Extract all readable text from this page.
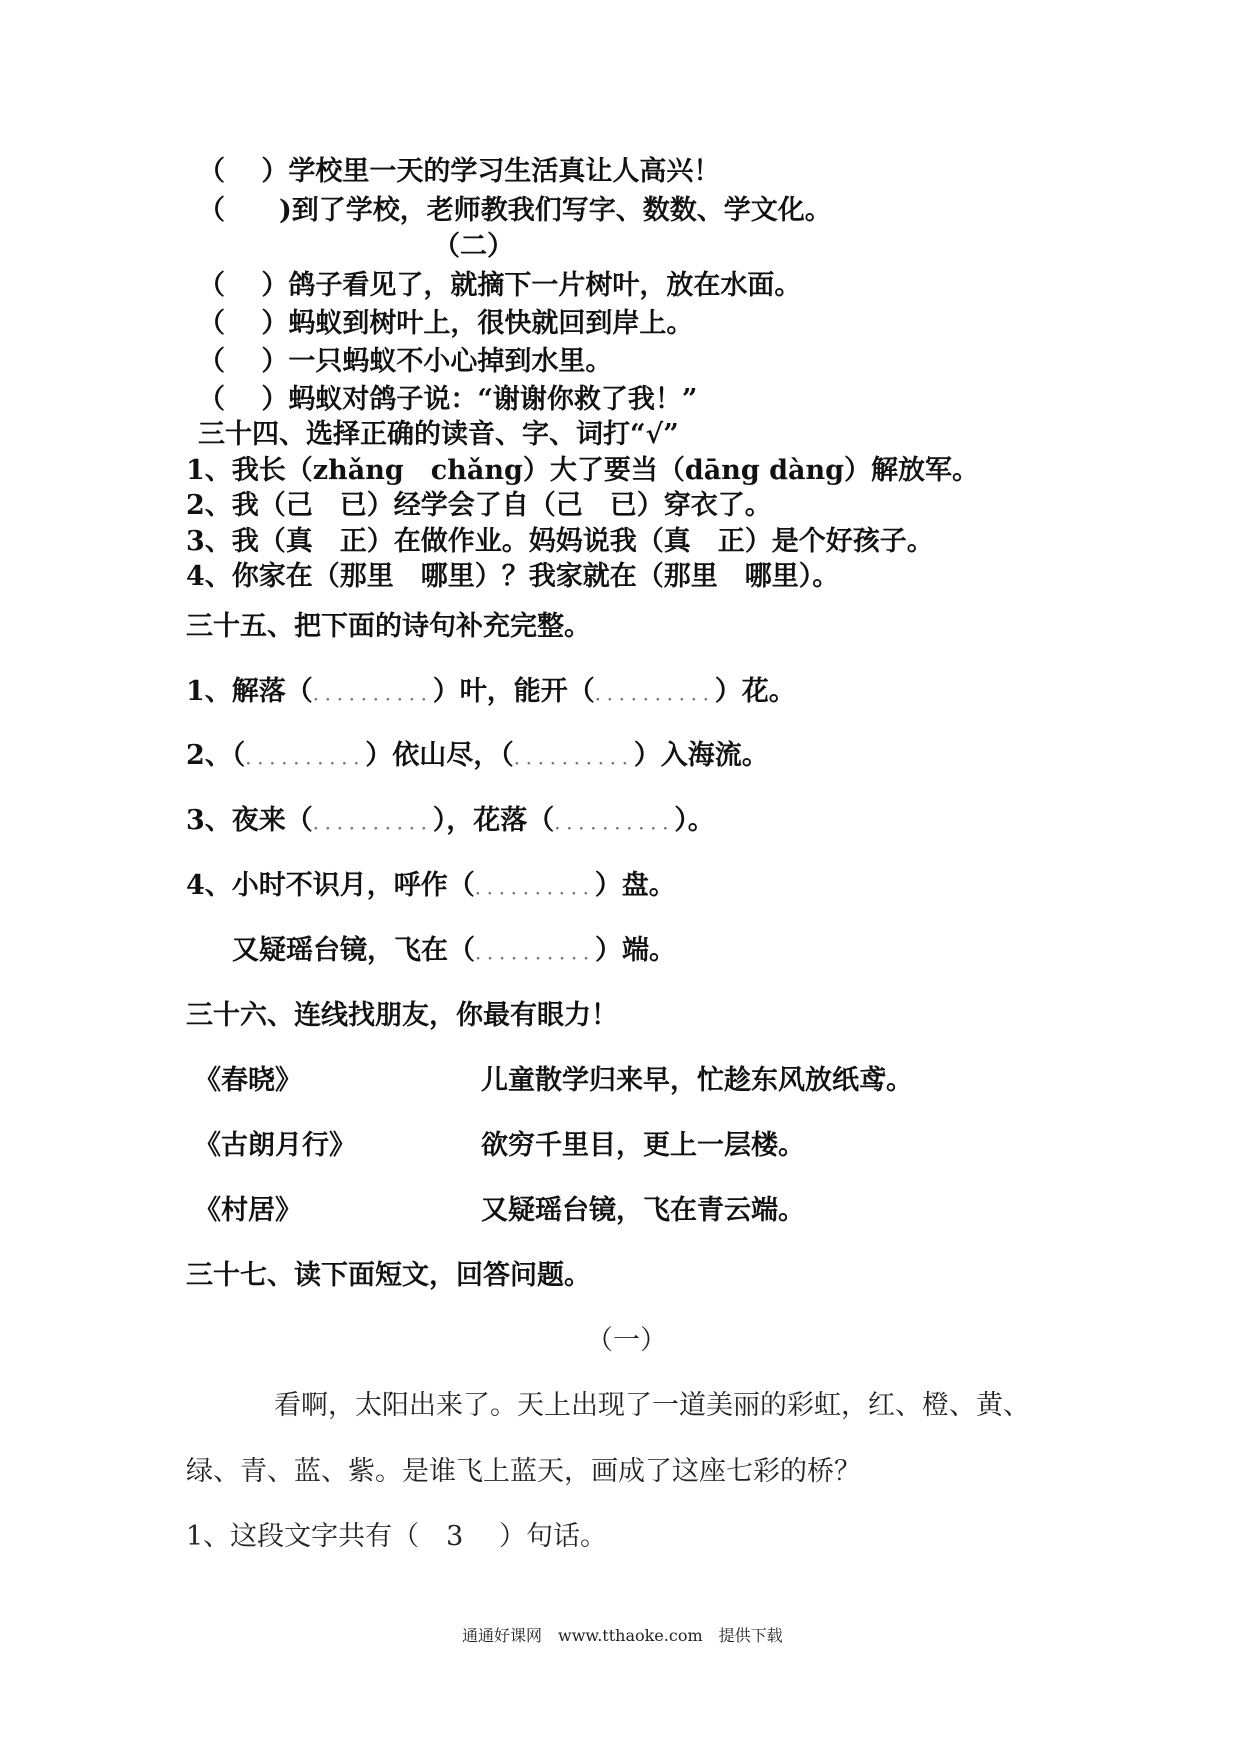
（　 ）学校里一天的学习生活真让人高兴！
（　　)到了学校，老师教我们写字、数数、学文化。
（二）
（　 ）鸽子看见了，就摘下一片树叶，放在水面。
（　 ）蚂蚁到树叶上，很快就回到岸上。
（　 ）一只蚂蚁不小心掉到水里。
（　 ）蚂蚁对鸽子说：“谢谢你救了我！”
三十四、选择正确的读音、字、词打“√”
1、我长（zhǎng　chǎng）大了要当（dāng dàng）解放军。
2、我（己　已）经学会了自（己　已）穿衣了。
3、我（真　正）在做作业。妈妈说我（真　正）是个好孩子。
4、你家在（那里　哪里）？我家就在（那里　哪里）。
三十五、把下面的诗句补充完整。
1、解落（．．．．．．．．．．）叶，能开（．．．．．．．．．．）花。
2、（．．．．．．．．．．）依山尽，（．．．．．．．．．．）入海流。
3、夜来（．．．．．．．．．．），花落（．．．．．．．．．．）。
4、小时不识月，呼作（．．．．．．．．．．）盘。
又疑瑶台镜，飞在（．．．．．．．．．．）端。
三十六、连线找朋友，你最有眼力！
《春晓》	儿童散学归来早，忙趁东风放纸鸢。
《古朗月行》	欲穷千里目，更上一层楼。
《村居》	又疑瑶台镜，飞在青云端。
三十七、读下面短文，回答问题。
（一）
看啊，太阳出来了。天上出现了一道美丽的彩虹，红、橙、黄、
绿、青、蓝、紫。是谁飞上蓝天，画成了这座七彩的桥？
1、这段文字共有（　3　 ）句话。
通通好课网　www.tthaoke.com　提供下载
